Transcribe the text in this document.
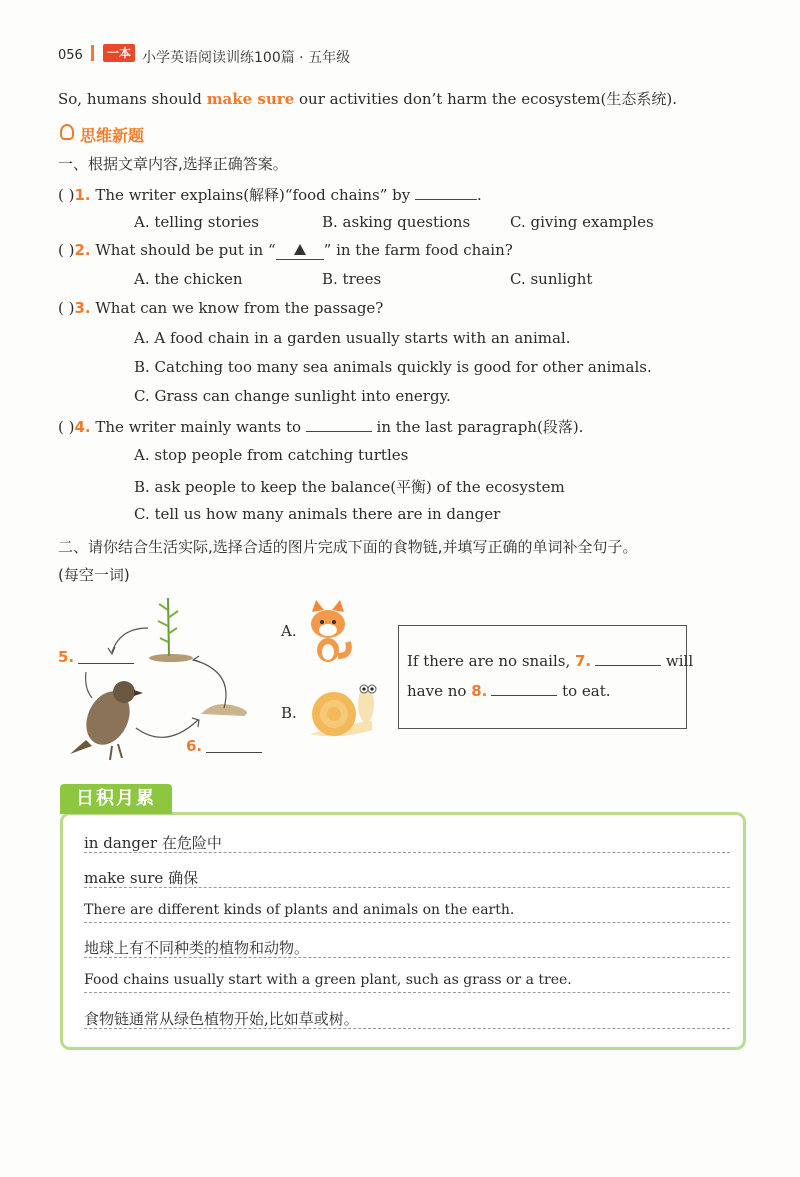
056	一本 小学英语阅读训练100篇 · 五年级
So, humans should make sure our activities don’t harm the ecosystem(生态系统).
思维新题
一、根据文章内容,选择正确答案。
( )1. The writer explains(解释)“food chains” by	.
A. telling stories	B. asking questions	C. giving examples
( )2. What should be put in “	” in the farm food chain?
A. the chicken	B. trees	C. sunlight
( )3. What can we know from the passage?
A. A food chain in a garden usually starts with an animal.
B. Catching too many sea animals quickly is good for other animals.
C. Grass can change sunlight into energy.
( )4. The writer mainly wants to	in the last paragraph(段落).
A. stop people from catching turtles
B. ask people to keep the balance(平衡) of the ecosystem
C. tell us how many animals there are in danger
二、请你结合生活实际,选择合适的图片完成下面的食物链,并填写正确的单词补全句子。
(每空一词)
5.
6.
A.
B.
If there are no snails, 7.	will
have no 8.	to eat.
日积月累
in danger 在危险中
make sure 确保
There are different kinds of plants and animals on the earth.
地球上有不同种类的植物和动物。
Food chains usually start with a green plant, such as grass or a tree.
食物链通常从绿色植物开始,比如草或树。
